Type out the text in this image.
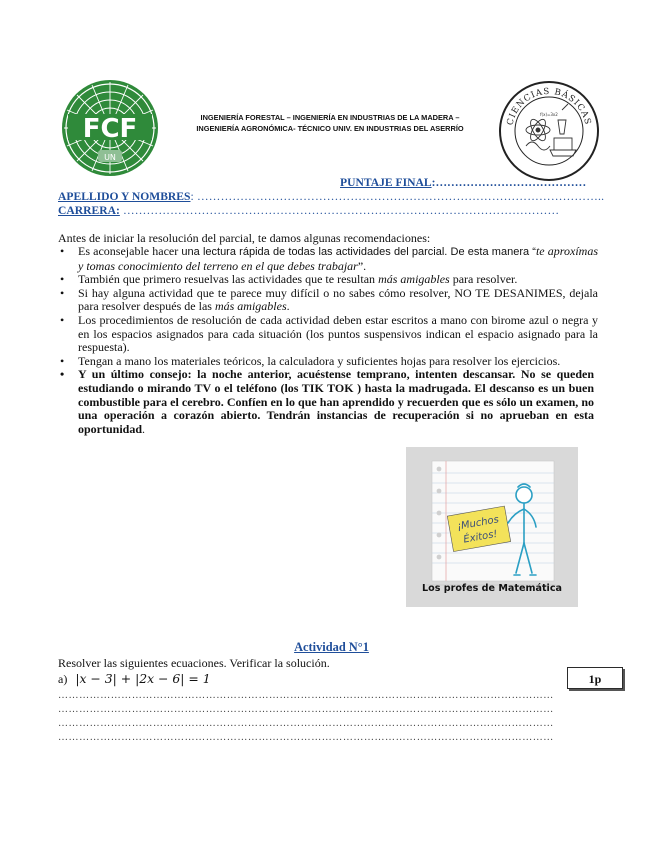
FCF
UN
INGENIERÍA FORESTAL – INGENIERÍA EN INDUSTRIAS DE LA MADERA –
INGENIERÍA AGRONÓMICA- TÉCNICO UNIV. EN INDUSTRIAS DEL ASERRÍO
CIENCIAS BÁSICAS
f(x)=3x2
PUNTAJE FINAL:…………………………………
APELLIDO Y NOMBRES: …………………………………………………………………………………………..
CARRERA: …………………………………………………………………………………………………
Antes de iniciar la resolución del parcial, te damos algunas recomendaciones:
• Es aconsejable hacer una lectura rápida de todas las actividades del parcial. De esta manera “te aproxímas y tomas conocimiento del terreno en el que debes trabajar”.
• También que primero resuelvas las actividades que te resultan más amigables para resolver.
• Si hay alguna actividad que te parece muy difícil o no sabes cómo resolver, NO TE DESANIMES, dejala para resolver después de las más amigables.
• Los procedimientos de resolución de cada actividad deben estar escritos a mano con birome azul o negra y en los espacios asignados para cada situación (los puntos suspensivos indican el espacio asignado para la respuesta).
• Tengan a mano los materiales teóricos, la calculadora y suficientes hojas para resolver los ejercicios.
• Y un último consejo: la noche anterior, acuéstense temprano, intenten descansar. No se queden estudiando o mirando TV o el teléfono (los TIK TOK ) hasta la madrugada. El descanso es un buen combustible para el cerebro. Confíen en lo que han aprendido y recuerden que es sólo un examen, no una operación a corazón abierto. Tendrán instancias de recuperación si no aprueban en esta oportunidad.
¡Muchos
Éxitos!
Los profes de Matemática
Actividad N°1
Resolver las siguientes ecuaciones. Verificar la solución.
a) |x − 3| + |2x − 6| = 1	1p
……………………………………………………………………………………………………………………………
……………………………………………………………………………………………………………………………
……………………………………………………………………………………………………………………………
……………………………………………………………………………………………………………………………
